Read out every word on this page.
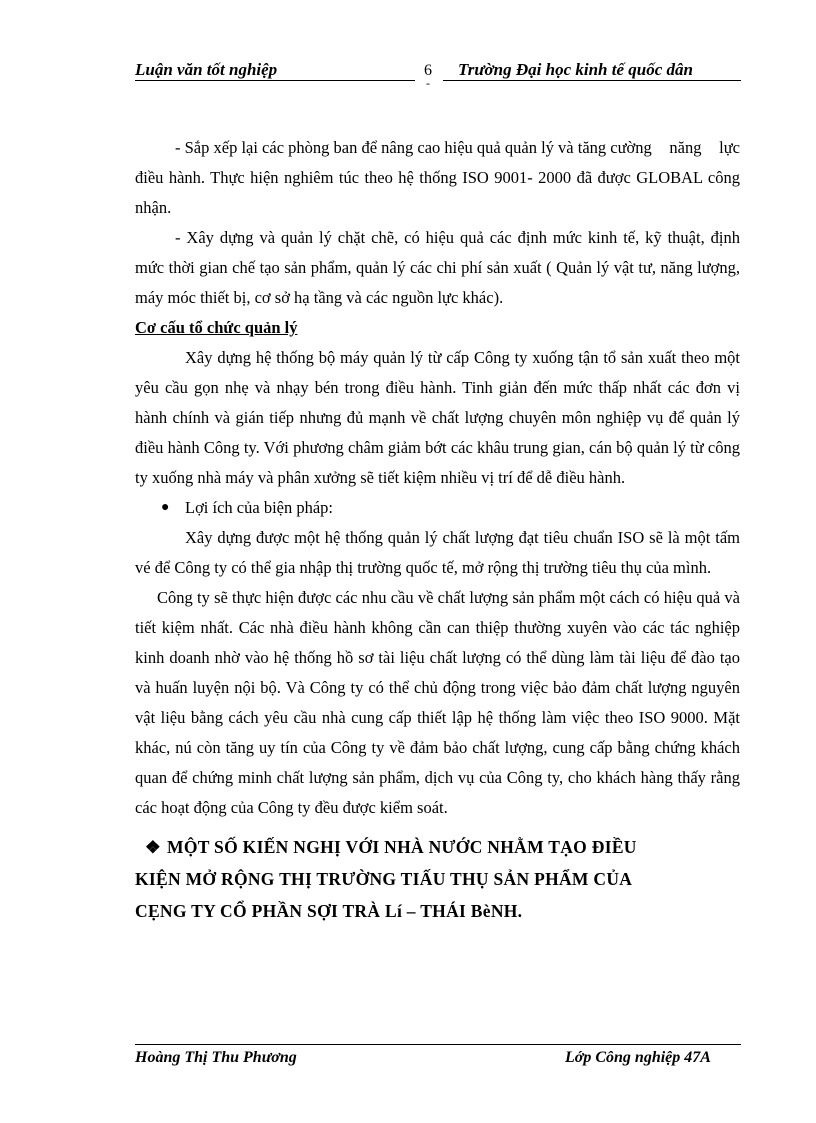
Luận văn tốt nghiệp	6
-
Trường Đại học kinh tế quốc dân

- Sắp xếp lại các phòng ban để nâng cao hiệu quả quản lý và tăng cường năng lực điều hành. Thực hiện nghiêm túc theo hệ thống ISO 9001- 2000 đã được GLOBAL công nhận.

- Xây dựng và quản lý chặt chẽ, có hiệu quả các định mức kinh tế, kỹ thuật, định mức thời gian chế tạo sản phẩm, quản lý các chi phí sản xuất ( Quản lý vật tư, năng lượng, máy móc thiết bị, cơ sở hạ tầng và các nguồn lực khác).

Cơ cấu tổ chức quản lý

Xây dựng hệ thống bộ máy quản lý từ cấp Công ty xuống tận tổ sản xuất theo một yêu cầu gọn nhẹ và nhạy bén trong điều hành. Tinh giản đến mức thấp nhất các đơn vị hành chính và gián tiếp nhưng đủ mạnh về chất lượng chuyên môn nghiệp vụ để quản lý điều hành Công ty. Với phương châm giảm bớt các khâu trung gian, cán bộ quản lý từ công ty xuống nhà máy và phân xưởng sẽ tiết kiệm nhiều vị trí để dễ điều hành.

● Lợi ích của biện pháp:

Xây dựng được một hệ thống quản lý chất lượng đạt tiêu chuẩn ISO sẽ là một tấm vé để Công ty có thể gia nhập thị trường quốc tế, mở rộng thị trường tiêu thụ của mình.

Công ty sẽ thực hiện được các nhu cầu về chất lượng sản phẩm một cách có hiệu quả và tiết kiệm nhất. Các nhà điều hành không cần can thiệp thường xuyên vào các tác nghiệp kinh doanh nhờ vào hệ thống hồ sơ tài liệu chất lượng có thể dùng làm tài liệu để đào tạo và huấn luyện nội bộ. Và Công ty có thể chủ động trong việc bảo đảm chất lượng nguyên vật liệu bằng cách yêu cầu nhà cung cấp thiết lập hệ thống làm việc theo ISO 9000. Mặt khác, nú còn tăng uy tín của Công ty về đảm bảo chất lượng, cung cấp bằng chứng khách quan để chứng minh chất lượng sản phẩm, dịch vụ của Công ty, cho khách hàng thấy rằng các hoạt động của Công ty đều được kiểm soát.

❖ MỘT SỐ KIẾN NGHỊ VỚI NHÀ NƯỚC NHẰM TẠO ĐIỀU
KIỆN MỞ RỘNG THỊ TRƯỜNG TIẤU THỤ SẢN PHẨM CỦA
CẸNG TY CỔ PHẦN SỢI TRÀ Lí – THÁI BèNH.
Hoàng Thị Thu Phương	Lớp Công nghiệp 47A
